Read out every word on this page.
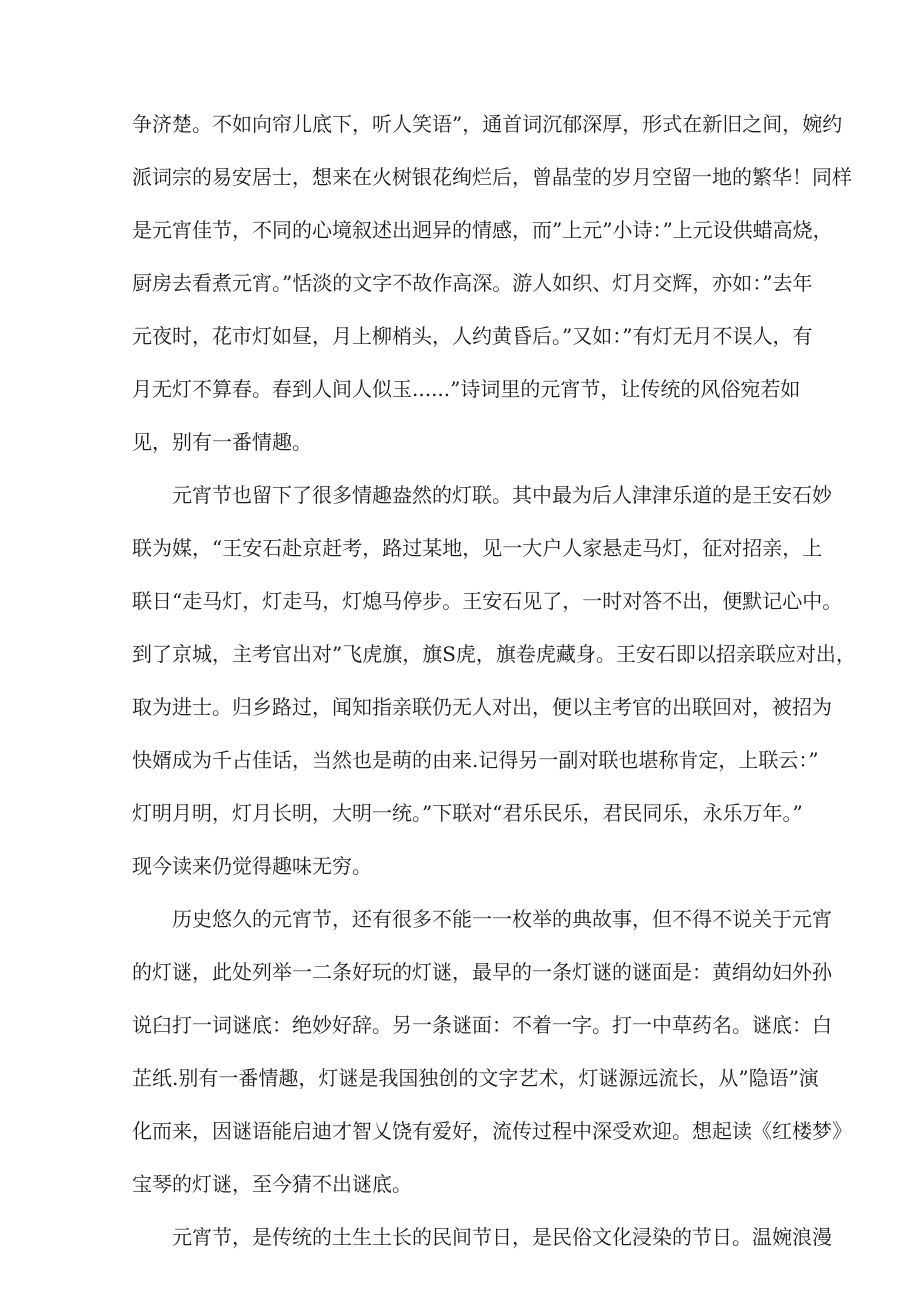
争济楚。不如向帘儿底下，听人笑语”，通首词沉郁深厚，形式在新旧之间，婉约
派词宗的易安居士，想来在火树银花绚烂后，曾晶莹的岁月空留一地的繁华！同样
是元宵佳节，不同的心境叙述出迥异的情感，而”上元”小诗：”上元设供蜡高烧，
厨房去看煮元宵。”恬淡的文字不故作高深。游人如织、灯月交辉，亦如：”去年
元夜时，花市灯如昼，月上柳梢头，人约黄昏后。”又如：”有灯无月不误人，有
月无灯不算春。春到人间人似玉......”诗词里的元宵节，让传统的风俗宛若如
见，别有一番情趣。
　　元宵节也留下了很多情趣盎然的灯联。其中最为后人津津乐道的是王安石妙
联为媒，“王安石赴京赶考，路过某地，见一大户人家悬走马灯，征对招亲，上
联日“走马灯，灯走马，灯熄马停步。王安石见了，一时对答不出，便默记心中。
到了京城，主考官出对”飞虎旗，旗S虎，旗卷虎藏身。王安石即以招亲联应对出，
取为进士。归乡路过，闻知指亲联仍无人对出，便以主考官的出联回对，被招为
快婿成为千占佳话，当然也是萌的由来.记得另一副对联也堪称肯定，上联云：”
灯明月明，灯月长明，大明一统。”下联对“君乐民乐，君民同乐，永乐万年。”
现今读来仍觉得趣味无穷。
　　历史悠久的元宵节，还有很多不能一一枚举的典故事，但不得不说关于元宵
的灯谜，此处列举一二条好玩的灯谜，最早的一条灯谜的谜面是：黄绢幼妇外孙
说臼打一词谜底：绝妙好辞。另一条谜面：不着一字。打一中草药名。谜底：白
芷纸.别有一番情趣，灯谜是我国独创的文字艺术，灯谜源远流长，从”隐语”演
化而来，因谜语能启迪才智乂饶有爱好，流传过程中深受欢迎。想起读《红楼梦》
宝琴的灯谜，至今猜不出谜底。
　　元宵节，是传统的土生土长的民间节日，是民俗文化浸染的节日。温婉浪漫
